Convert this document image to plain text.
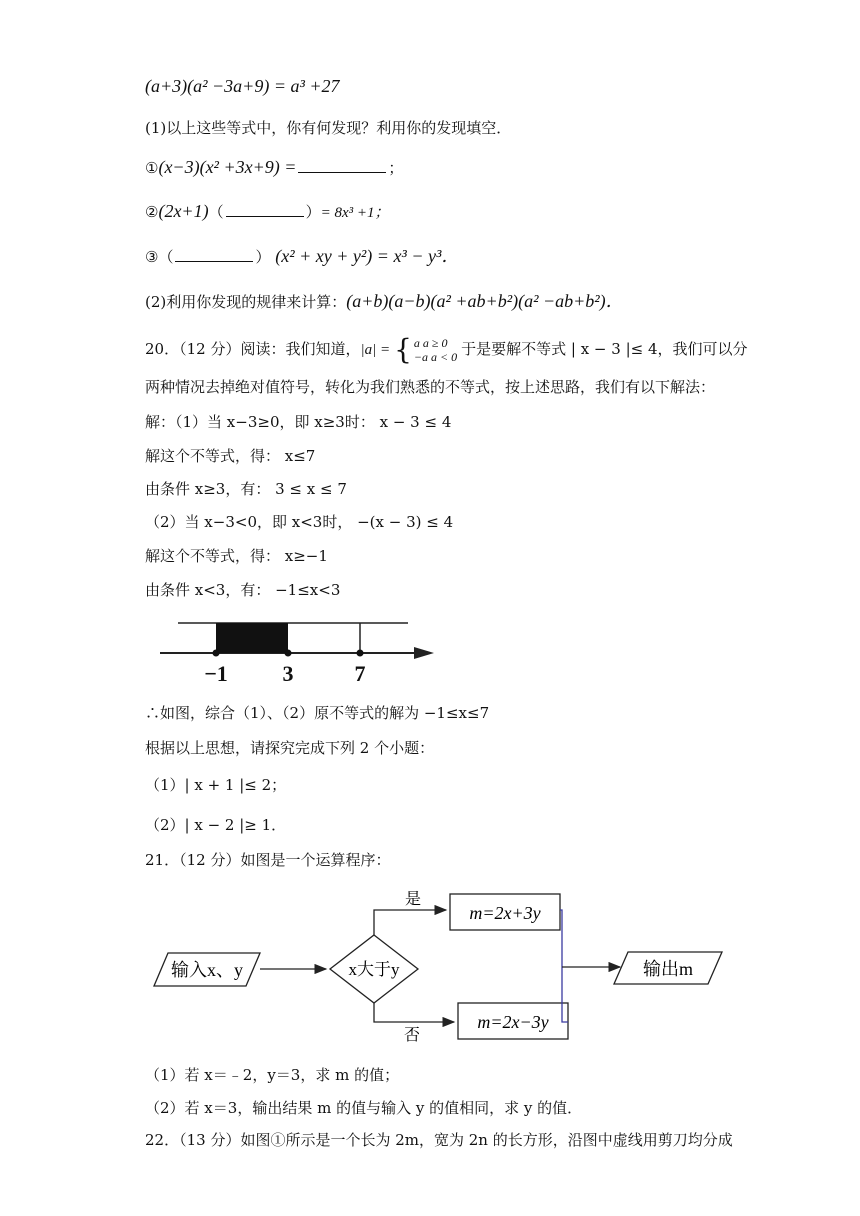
(a+3)(a² −3a+9) = a³ +27
(1)以上这些等式中，你有何发现？利用你的发现填空．
①(x−3)(x² +3x+9) =	；
②(2x+1)（	）= 8x³ +1；
③（	） (x² + xy + y²) = x³ − y³．
(2)利用你发现的规律来计算：(a+b)(a−b)(a² +ab+b²)(a² −ab+b²)．
20．（12 分）阅读：我们知道，|a| = { a a ≥ 0
−a a < 0 于是要解不等式 | x − 3 |≤ 4，我们可以分
两种情况去掉绝对值符号，转化为我们熟悉的不等式，按上述思路，我们有以下解法：
解：（1）当 x−3≥0，即 x≥3时： x − 3 ≤ 4
解这个不等式，得： x≤7
由条件 x≥3，有： 3 ≤ x ≤ 7
（2）当 x−3<0，即 x<3时， −(x − 3) ≤ 4
解这个不等式，得： x≥−1
由条件 x<3，有： −1≤x<3
−1 3	7
∴如图，综合（1）、（2）原不等式的解为 −1≤x≤7
根据以上思想，请探究完成下列 2 个小题：
（1）| x + 1 |≤ 2；
（2）| x − 2 |≥ 1．
21．（12 分）如图是一个运算程序：
输入x、y	x大于y
是
m=2x+3y
否
m=2x−3y
输出m
（1）若 x＝﹣2，y＝3，求 m 的值；
（2）若 x＝3，输出结果 m 的值与输入 y 的值相同，求 y 的值．
22．（13 分）如图①所示是一个长为 2m，宽为 2n 的长方形，沿图中虚线用剪刀均分成
